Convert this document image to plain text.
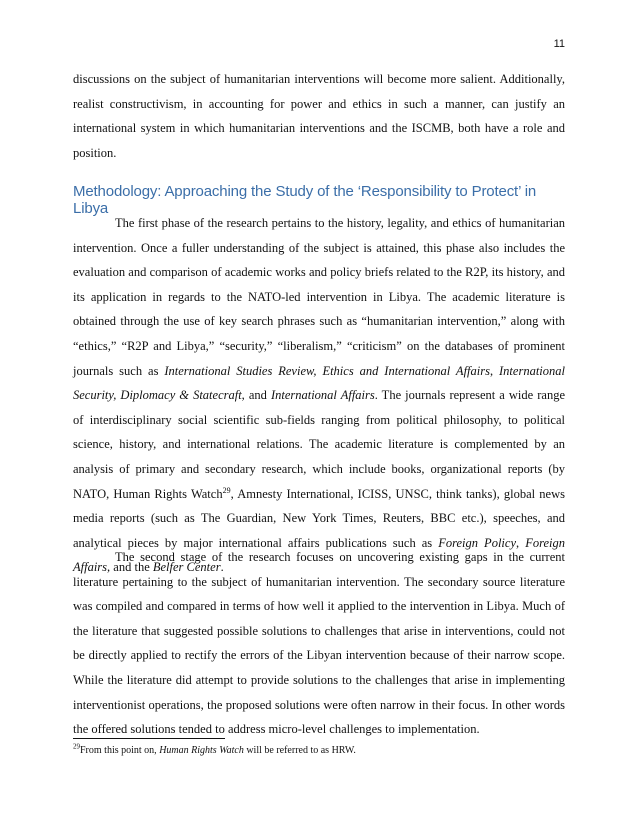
11

discussions on the subject of humanitarian interventions will become more salient. Additionally, realist constructivism, in accounting for power and ethics in such a manner, can justify an international system in which humanitarian interventions and the ISCMB, both have a role and position.

Methodology: Approaching the Study of the ‘Responsibility to Protect’ in Libya

The first phase of the research pertains to the history, legality, and ethics of humanitarian intervention. Once a fuller understanding of the subject is attained, this phase also includes the evaluation and comparison of academic works and policy briefs related to the R2P, its history, and its application in regards to the NATO-led intervention in Libya. The academic literature is obtained through the use of key search phrases such as “humanitarian intervention,” along with “ethics,” “R2P and Libya,” “security,” “liberalism,” “criticism” on the databases of prominent journals such as International Studies Review, Ethics and International Affairs, International Security, Diplomacy & Statecraft, and International Affairs. The journals represent a wide range of interdisciplinary social scientific sub-fields ranging from political philosophy, to political science, history, and international relations. The academic literature is complemented by an analysis of primary and secondary research, which include books, organizational reports (by NATO, Human Rights Watch$^{29}$, Amnesty International, ICISS, UNSC, think tanks), global news media reports (such as The Guardian, New York Times, Reuters, BBC etc.), speeches, and analytical pieces by major international affairs publications such as Foreign Policy, Foreign Affairs, and the Belfer Center.

The second stage of the research focuses on uncovering existing gaps in the current literature pertaining to the subject of humanitarian intervention. The secondary source literature was compiled and compared in terms of how well it applied to the intervention in Libya. Much of the literature that suggested possible solutions to challenges that arise in interventions, could not be directly applied to rectify the errors of the Libyan intervention because of their narrow scope. While the literature did attempt to provide solutions to the challenges that arise in implementing interventionist operations, the proposed solutions were often narrow in their focus. In other words the offered solutions tended to address micro-level challenges to implementation.

$^{29}$From this point on, Human Rights Watch will be referred to as HRW.
